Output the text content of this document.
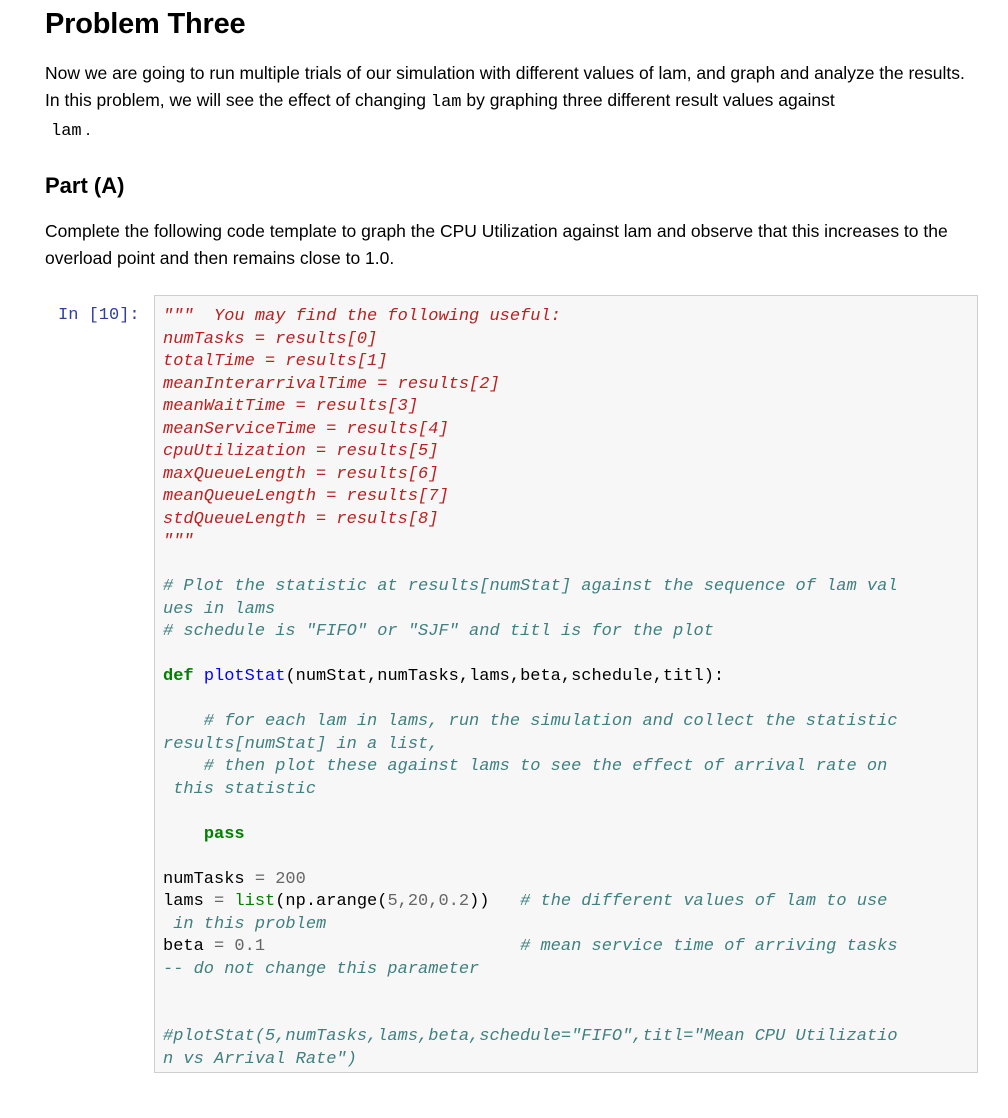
Problem Three

Now we are going to run multiple trials of our simulation with different values of lam, and graph and analyze the results. In this problem, we will see the effect of changing lam by graphing three different result values against
lam .

Part (A)

Complete the following code template to graph the CPU Utilization against lam and observe that this increases to the overload point and then remains close to 1.0.

In [10]: """  You may find the following useful:
numTasks = results[0]
totalTime = results[1]
meanInterarrivalTime = results[2]
meanWaitTime = results[3]
meanServiceTime = results[4]
cpuUtilization = results[5]
maxQueueLength = results[6]
meanQueueLength = results[7]
stdQueueLength = results[8]
"""

# Plot the statistic at results[numStat] against the sequence of lam val
ues in lams
# schedule is "FIFO" or "SJF" and titl is for the plot

def plotStat(numStat,numTasks,lams,beta,schedule,titl):

# for each lam in lams, run the simulation and collect the statistic
results[numStat] in a list,
# then plot these against lams to see the effect of arrival rate on
this statistic

pass

numTasks = 200
lams = list(np.arange(5,20,0.2)) # the different values of lam to use
in this problem
beta = 0.1	# mean service time of arriving tasks
-- do not change this parameter

#plotStat(5,numTasks,lams,beta,schedule="FIFO",titl="Mean CPU Utilizatio
n vs Arrival Rate")
